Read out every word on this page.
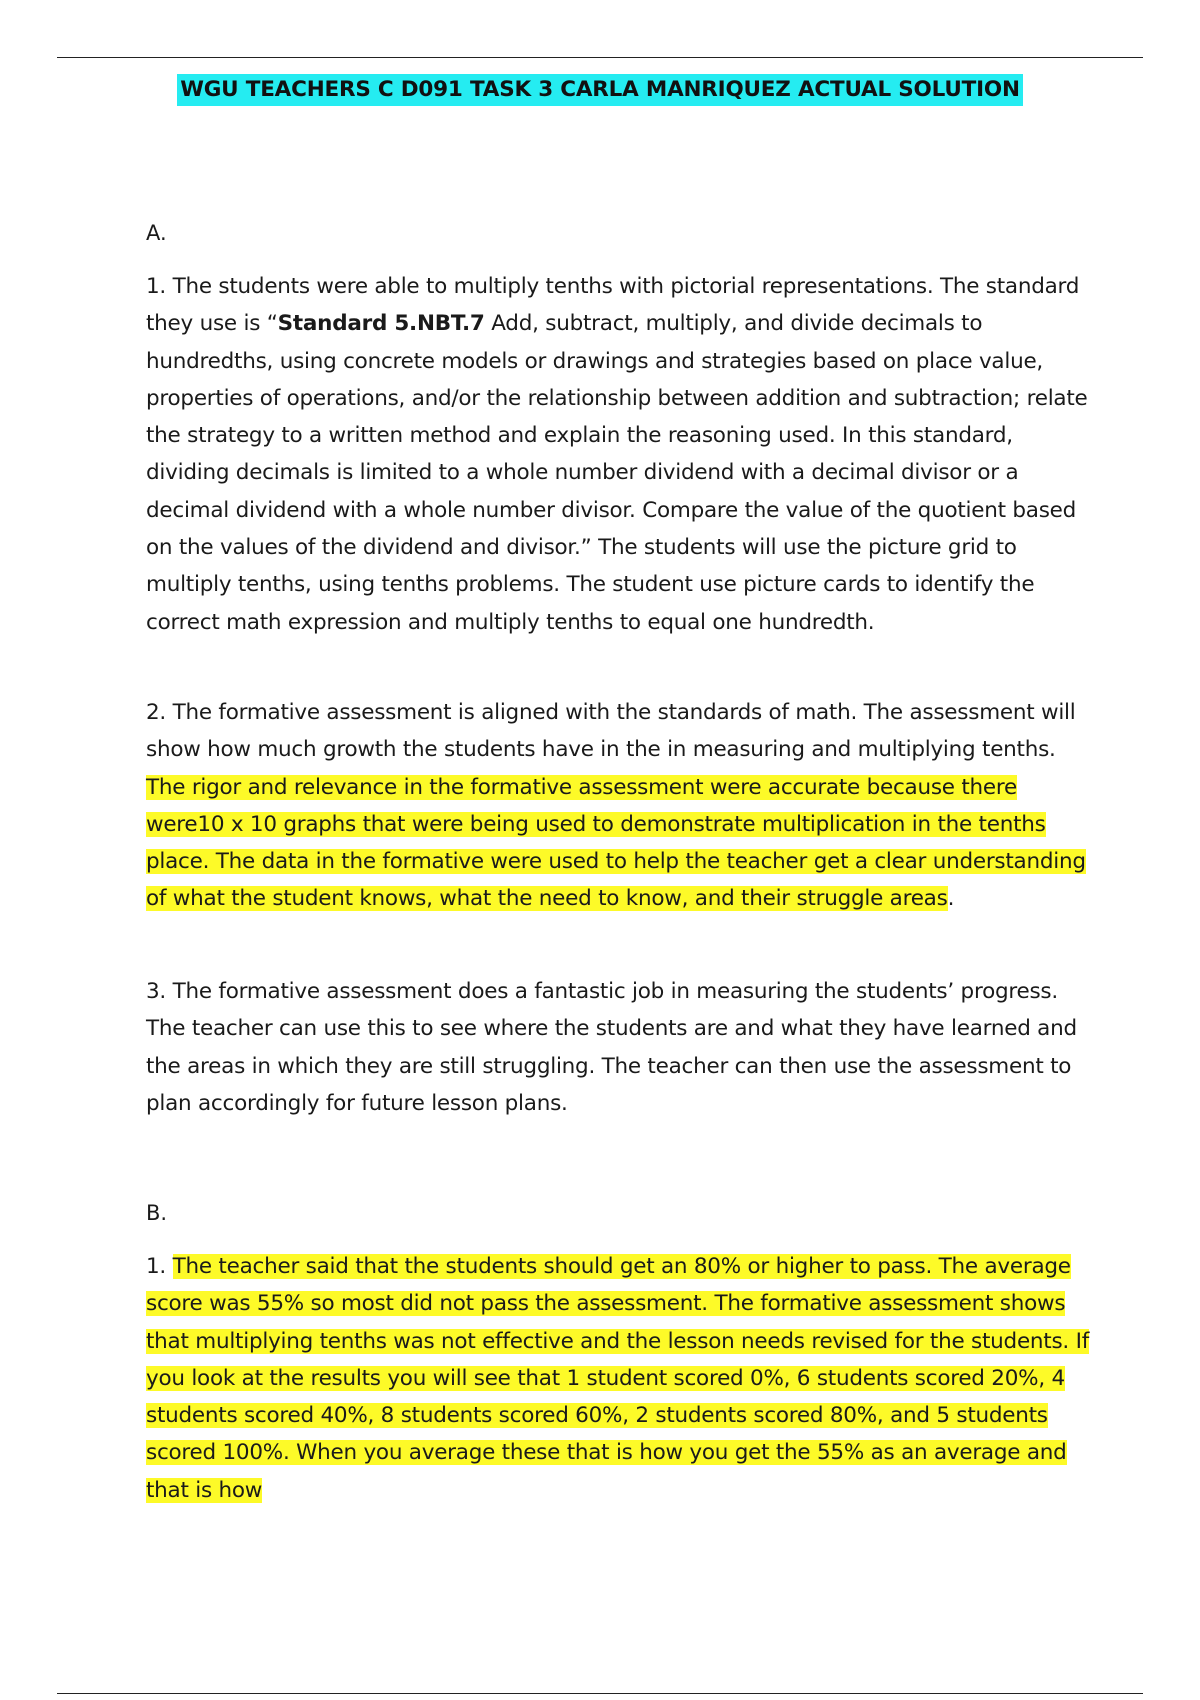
WGU TEACHERS C D091 TASK 3 CARLA MANRIQUEZ ACTUAL SOLUTION

A.

1. The students were able to multiply tenths with pictorial representations. The standard they use is “Standard 5.NBT.7 Add, subtract, multiply, and divide decimals to hundredths, using concrete models or drawings and strategies based on place value, properties of operations, and/or the relationship between addition and subtraction; relate the strategy to a written method and explain the reasoning used. In this standard, dividing decimals is limited to a whole number dividend with a decimal divisor or a decimal dividend with a whole number divisor. Compare the value of the quotient based on the values of the dividend and divisor.” The students will use the picture grid to multiply tenths, using tenths problems. The student use picture cards to identify the correct math expression and multiply tenths to equal one hundredth.

2. The formative assessment is aligned with the standards of math. The assessment will show how much growth the students have in the in measuring and multiplying tenths. The rigor and relevance in the formative assessment were accurate because there were10 x 10 graphs that were being used to demonstrate multiplication in the tenths place. The data in the formative were used to help the teacher get a clear understanding of what the student knows, what the need to know, and their struggle areas.

3. The formative assessment does a fantastic job in measuring the students’ progress. The teacher can use this to see where the students are and what they have learned and the areas in which they are still struggling. The teacher can then use the assessment to plan accordingly for future lesson plans.

B.

1. The teacher said that the students should get an 80% or higher to pass. The average score was 55% so most did not pass the assessment. The formative assessment shows that multiplying tenths was not effective and the lesson needs revised for the students. If you look at the results you will see that 1 student scored 0%, 6 students scored 20%, 4 students scored 40%, 8 students scored 60%, 2 students scored 80%, and 5 students scored 100%. When you average these that is how you get the 55% as an average and that is how
